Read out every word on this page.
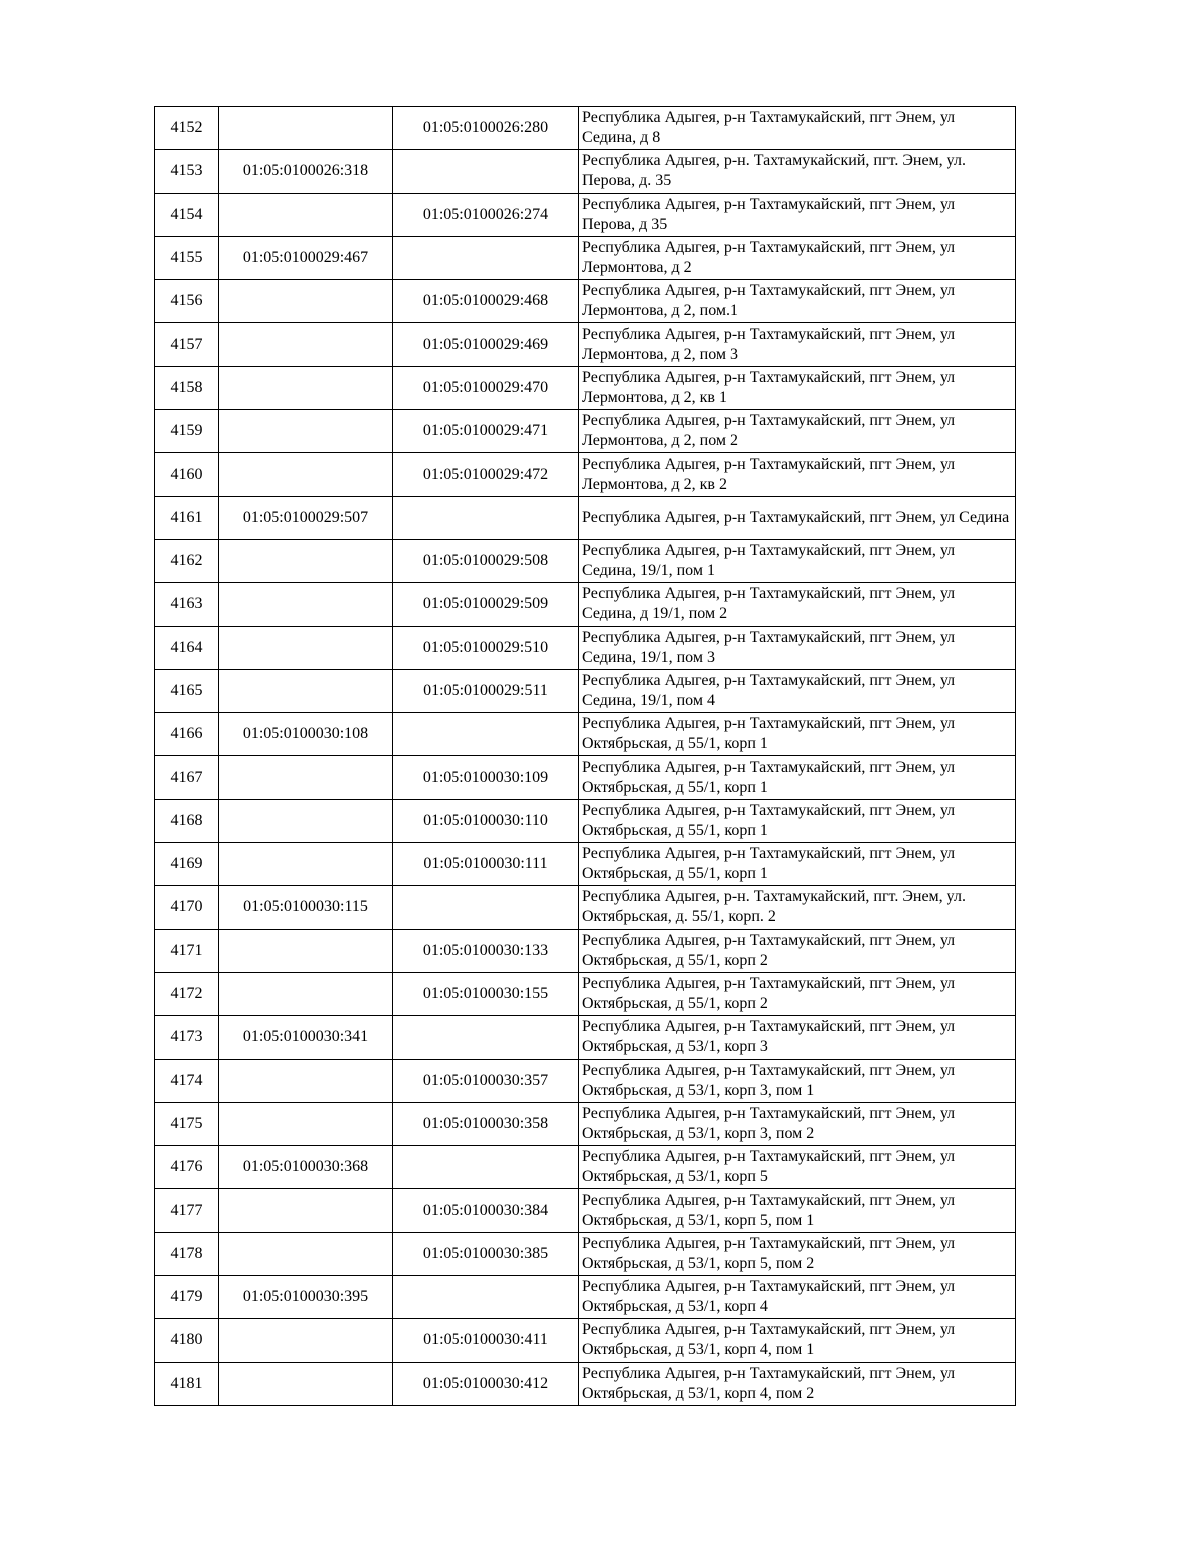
4152		01:05:0100026:280	Республика Адыгея, р-н Тахтамукайский, пгт Энем, ул Седина, д 8

4153	01:05:0100026:318		Республика Адыгея, р-н. Тахтамукайский, пгт. Энем, ул. Перова, д. 35

4154		01:05:0100026:274	Республика Адыгея, р-н Тахтамукайский, пгт Энем, ул Перова, д 35

4155	01:05:0100029:467		Республика Адыгея, р-н Тахтамукайский, пгт Энем, ул Лермонтова, д 2

4156		01:05:0100029:468	Республика Адыгея, р-н Тахтамукайский, пгт Энем, ул Лермонтова, д 2, пом.1

4157		01:05:0100029:469	Республика Адыгея, р-н Тахтамукайский, пгт Энем, ул Лермонтова, д 2, пом 3

4158		01:05:0100029:470	Республика Адыгея, р-н Тахтамукайский, пгт Энем, ул Лермонтова, д 2, кв 1

4159		01:05:0100029:471	Республика Адыгея, р-н Тахтамукайский, пгт Энем, ул Лермонтова, д 2, пом 2

4160		01:05:0100029:472	Республика Адыгея, р-н Тахтамукайский, пгт Энем, ул Лермонтова, д 2, кв 2

4161	01:05:0100029:507		Республика Адыгея, р-н Тахтамукайский, пгт Энем, ул Седина

4162		01:05:0100029:508	Республика Адыгея, р-н Тахтамукайский, пгт Энем, ул Седина, 19/1, пом 1

4163		01:05:0100029:509	Республика Адыгея, р-н Тахтамукайский, пгт Энем, ул Седина, д 19/1, пом 2

4164		01:05:0100029:510	Республика Адыгея, р-н Тахтамукайский, пгт Энем, ул Седина, 19/1, пом 3

4165		01:05:0100029:511	Республика Адыгея, р-н Тахтамукайский, пгт Энем, ул Седина, 19/1, пом 4

4166	01:05:0100030:108		Республика Адыгея, р-н Тахтамукайский, пгт Энем, ул Октябрьская, д 55/1, корп 1

4167		01:05:0100030:109	Республика Адыгея, р-н Тахтамукайский, пгт Энем, ул Октябрьская, д 55/1, корп 1

4168		01:05:0100030:110	Республика Адыгея, р-н Тахтамукайский, пгт Энем, ул Октябрьская, д 55/1, корп 1

4169		01:05:0100030:111	Республика Адыгея, р-н Тахтамукайский, пгт Энем, ул Октябрьская, д 55/1, корп 1

4170	01:05:0100030:115		Республика Адыгея, р-н. Тахтамукайский, пгт. Энем, ул. Октябрьская, д. 55/1, корп. 2

4171		01:05:0100030:133	Республика Адыгея, р-н Тахтамукайский, пгт Энем, ул Октябрьская, д 55/1, корп 2

4172		01:05:0100030:155	Республика Адыгея, р-н Тахтамукайский, пгт Энем, ул Октябрьская, д 55/1, корп 2

4173	01:05:0100030:341		Республика Адыгея, р-н Тахтамукайский, пгт Энем, ул Октябрьская, д 53/1, корп 3

4174		01:05:0100030:357	Республика Адыгея, р-н Тахтамукайский, пгт Энем, ул Октябрьская, д 53/1, корп 3, пом 1

4175		01:05:0100030:358	Республика Адыгея, р-н Тахтамукайский, пгт Энем, ул Октябрьская, д 53/1, корп 3, пом 2

4176	01:05:0100030:368		Республика Адыгея, р-н Тахтамукайский, пгт Энем, ул Октябрьская, д 53/1, корп 5

4177		01:05:0100030:384	Республика Адыгея, р-н Тахтамукайский, пгт Энем, ул Октябрьская, д 53/1, корп 5, пом 1

4178		01:05:0100030:385	Республика Адыгея, р-н Тахтамукайский, пгт Энем, ул Октябрьская, д 53/1, корп 5, пом 2

4179	01:05:0100030:395		Республика Адыгея, р-н Тахтамукайский, пгт Энем, ул Октябрьская, д 53/1, корп 4

4180		01:05:0100030:411	Республика Адыгея, р-н Тахтамукайский, пгт Энем, ул Октябрьская, д 53/1, корп 4, пом 1

4181		01:05:0100030:412	Республика Адыгея, р-н Тахтамукайский, пгт Энем, ул Октябрьская, д 53/1, корп 4, пом 2
